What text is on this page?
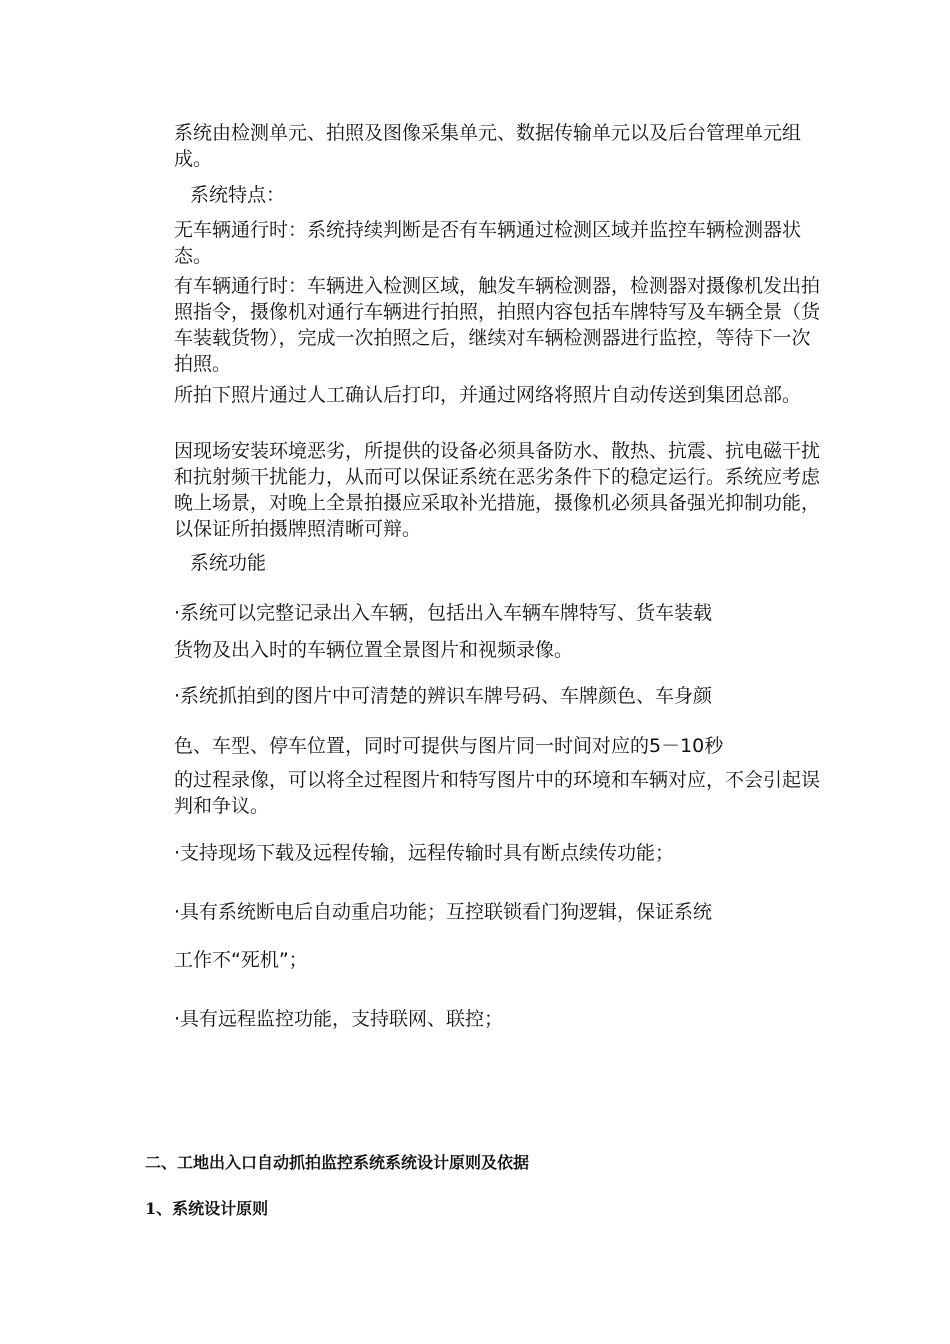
系统由检测单元、拍照及图像采集单元、数据传输单元以及后台管理单元组成。

系统特点：

无车辆通行时：系统持续判断是否有车辆通过检测区域并监控车辆检测器状态。

有车辆通行时：车辆进入检测区域，触发车辆检测器，检测器对摄像机发出拍照指令，摄像机对通行车辆进行拍照，拍照内容包括车牌特写及车辆全景（货车装载货物），完成一次拍照之后，继续对车辆检测器进行监控，等待下一次拍照。

所拍下照片通过人工确认后打印，并通过网络将照片自动传送到集团总部。

因现场安装环境恶劣，所提供的设备必须具备防水、散热、抗震、抗电磁干扰和抗射频干扰能力，从而可以保证系统在恶劣条件下的稳定运行。系统应考虑晚上场景，对晚上全景拍摄应采取补光措施，摄像机必须具备强光抑制功能，以保证所拍摄牌照清晰可辩。

系统功能

·系统可以完整记录出入车辆，包括出入车辆车牌特写、货车装载

货物及出入时的车辆位置全景图片和视频录像。

·系统抓拍到的图片中可清楚的辨识车牌号码、车牌颜色、车身颜

色、车型、停车位置，同时可提供与图片同一时间对应的5－10秒

的过程录像，可以将全过程图片和特写图片中的环境和车辆对应，不会引起误判和争议。

·支持现场下载及远程传输，远程传输时具有断点续传功能；

·具有系统断电后自动重启功能；互控联锁看门狗逻辑，保证系统

工作不“死机”；

·具有远程监控功能，支持联网、联控；

二、工地出入口自动抓拍监控系统系统设计原则及依据

1、系统设计原则
